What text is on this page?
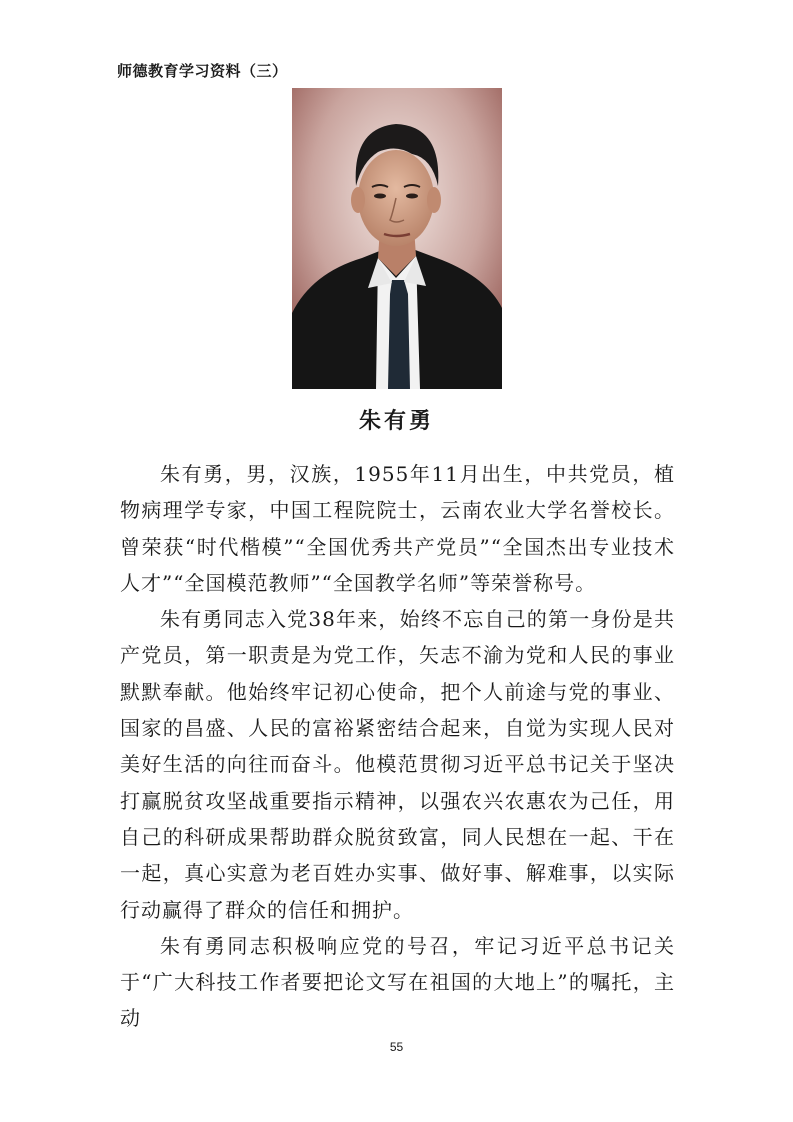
师德教育学习资料（三）
朱有勇

朱有勇，男，汉族，1955年11月出生，中共党员，植物病理学专家，中国工程院院士，云南农业大学名誉校长。曾荣获“时代楷模”“全国优秀共产党员”“全国杰出专业技术人才”“全国模范教师”“全国教学名师”等荣誉称号。

朱有勇同志入党38年来，始终不忘自己的第一身份是共产党员，第一职责是为党工作，矢志不渝为党和人民的事业默默奉献。他始终牢记初心使命，把个人前途与党的事业、国家的昌盛、人民的富裕紧密结合起来，自觉为实现人民对美好生活的向往而奋斗。他模范贯彻习近平总书记关于坚决打赢脱贫攻坚战重要指示精神，以强农兴农惠农为己任，用自己的科研成果帮助群众脱贫致富，同人民想在一起、干在一起，真心实意为老百姓办实事、做好事、解难事，以实际行动赢得了群众的信任和拥护。

朱有勇同志积极响应党的号召，牢记习近平总书记关于“广大科技工作者要把论文写在祖国的大地上”的嘱托，主动

55
